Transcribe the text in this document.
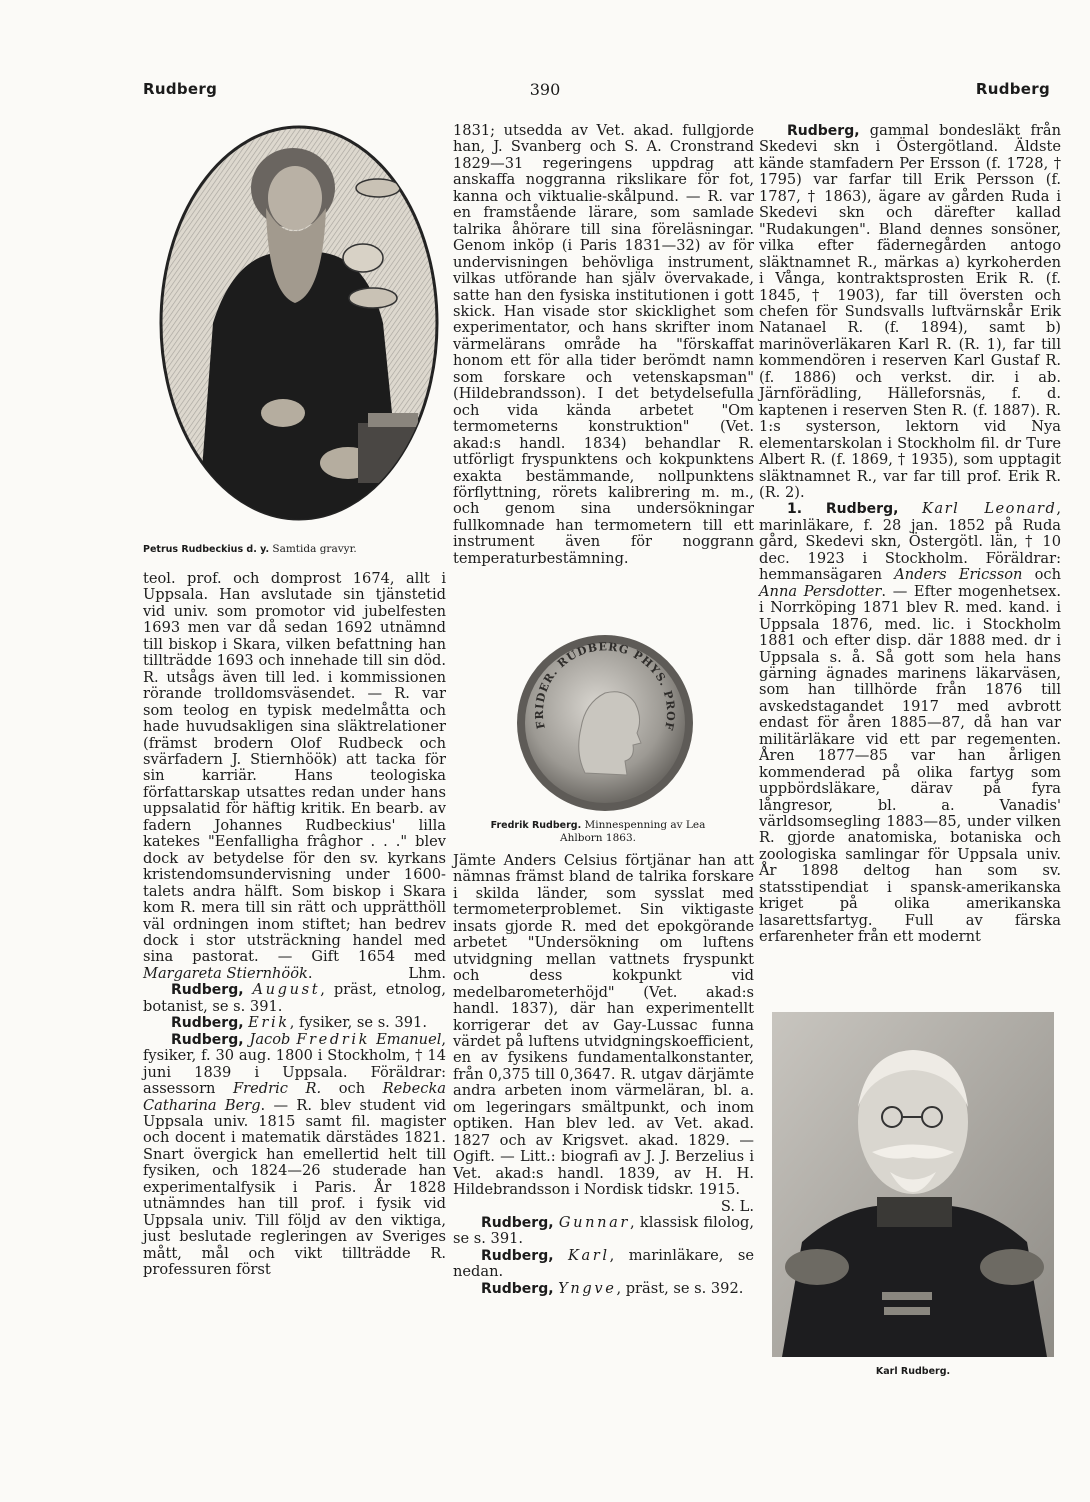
Rudberg	390	Rudberg
Petrus Rudbeckius d. y. Samtida gravyr.

teol. prof. och domprost 1674, allt i Uppsala. Han avslutade sin tjänstetid vid univ. som promotor vid jubelfesten 1693 men var då sedan 1692 utnämnd till biskop i Skara, vilken befattning han tillträdde 1693 och innehade till sin död. R. utsågs även till led. i kommissionen rörande trolldomsväsendet. — R. var som teolog en typisk medelmåtta och hade huvudsakligen sina släktrelationer (främst brodern Olof Rudbeck och svärfadern J. Stiernhöök) att tacka för sin karriär. Hans teologiska författarskap utsattes redan under hans uppsalatid för häftig kritik. En bearb. av fadern Johannes Rudbeckius' lilla katekes "Eenfalligha frâghor . . ." blev dock av betydelse för den sv. kyrkans kristendomsundervisning under 1600-talets andra hälft. Som biskop i Skara kom R. mera till sin rätt och upprätthöll väl ordningen inom stiftet; han bedrev dock i stor utsträckning handel med sina pastorat. — Gift 1654 med Margareta Stiernhöök.	Lhm.

Rudberg, August, präst, etnolog, botanist, se s. 391.

Rudberg, Erik, fysiker, se s. 391.

Rudberg, Jacob Fredrik Emanuel, fysiker, f. 30 aug. 1800 i Stockholm, † 14 juni 1839 i Uppsala. Föräldrar: assessorn Fredric R. och Rebecka Catharina Berg. — R. blev student vid Uppsala univ. 1815 samt fil. magister och docent i matematik därstädes 1821. Snart övergick han emellertid helt till fysiken, och 1824—26 studerade han experimentalfysik i Paris. År 1828 utnämndes han till prof. i fysik vid Uppsala univ. Till följd av den viktiga, just beslutade regleringen av Sveriges mått, mål och vikt tillträdde R. professuren först

1831; utsedda av Vet. akad. fullgjorde han, J. Svanberg och S. A. Cronstrand 1829—31 regeringens uppdrag att anskaffa noggranna rikslikare för fot, kanna och viktualie-skålpund. — R. var en framstående lärare, som samlade talrika åhörare till sina föreläsningar. Genom inköp (i Paris 1831—32) av för undervisningen behövliga instrument, vilkas utförande han själv övervakade, satte han den fysiska institutionen i gott skick. Han visade stor skicklighet som experimentator, och hans skrifter inom värmelärans område ha "förskaffat honom ett för alla tider berömdt namn som forskare och vetenskapsman" (Hildebrandsson). I det betydelsefulla och vida kända arbetet "Om termometerns konstruktion" (Vet. akad:s handl. 1834) behandlar R. utförligt fryspunktens och kokpunktens exakta bestämmande, nollpunktens förflyttning, rörets kalibrering m. m., och genom sina undersökningar fullkomnade han termometern till ett instrument även för noggrann temperaturbestämning.

FRIDER. RUDBERG PHYS. PROF
Fredrik Rudberg. Minnespenning av Lea Ahlborn 1863.

Jämte Anders Celsius förtjänar han att nämnas främst bland de talrika forskare i skilda länder, som sysslat med termometerproblemet. Sin viktigaste insats gjorde R. med det epokgörande arbetet "Undersökning om luftens utvidgning mellan vattnets fryspunkt och dess kokpunkt vid medelbarometerhöjd" (Vet. akad:s handl. 1837), där han experimentellt korrigerar det av Gay-Lussac funna värdet på luftens utvidgningskoefficient, en av fysikens fundamentalkonstanter, från 0,375 till 0,3647. R. utgav därjämte andra arbeten inom värmeläran, bl. a. om legeringars smältpunkt, och inom optiken. Han blev led. av Vet. akad. 1827 och av Krigsvet. akad. 1829. — Ogift. — Litt.: biografi av J. J. Berzelius i Vet. akad:s handl. 1839, av H. H. Hildebrandsson i Nordisk tidskr. 1915.

S. L.

Rudberg, Gunnar, klassisk filolog, se s. 391.

Rudberg, Karl, marinläkare, se nedan.

Rudberg, Yngve, präst, se s. 392.

Rudberg, gammal bondesläkt från Skedevi skn i Östergötland. Äldste kände stamfadern Per Ersson (f. 1728, † 1795) var farfar till Erik Persson (f. 1787, † 1863), ägare av gården Ruda i Skedevi skn och därefter kallad "Rudakungen". Bland dennes sonsöner, vilka efter fädernegården antogo släktnamnet R., märkas a) kyrkoherden i Vånga, kontraktsprosten Erik R. (f. 1845, † 1903), far till översten och chefen för Sundsvalls luftvärnskår Erik Natanael R. (f. 1894), samt b) marinöverläkaren Karl R. (R. 1), far till kommendören i reserven Karl Gustaf R. (f. 1886) och verkst. dir. i ab. Järnförädling, Hälleforsnäs, f. d. kaptenen i reserven Sten R. (f. 1887). R. 1:s systerson, lektorn vid Nya elementarskolan i Stockholm fil. dr Ture Albert R. (f. 1869, † 1935), som upptagit släktnamnet R., var far till prof. Erik R. (R. 2).

1. Rudberg, Karl Leonard, marinläkare, f. 28 jan. 1852 på Ruda gård, Skedevi skn, Östergötl. län, † 10 dec. 1923 i Stockholm. Föräldrar: hemmansägaren Anders Ericsson och Anna Persdotter. — Efter mogenhetsex. i Norrköping 1871 blev R. med. kand. i Uppsala 1876, med. lic. i Stockholm 1881 och efter disp. där 1888 med. dr i Uppsala s. å. Så gott som hela hans gärning ägnades marinens läkarväsen, som han tillhörde från 1876 till avskedstagandet 1917 med avbrott endast för åren 1885—87, då han var militärläkare vid ett par regementen. Åren 1877—85 var han årligen kommenderad på olika fartyg som uppbördsläkare, därav på fyra långresor, bl. a. Vanadis' världsomsegling 1883—85, under vilken R. gjorde anatomiska, botaniska och zoologiska samlingar för Uppsala univ. År 1898 deltog han som sv. statsstipendiat i spansk-amerikanska kriget på olika amerikanska lasarettsfartyg. Full av färska erfarenheter från ett modernt

Karl Rudberg.
